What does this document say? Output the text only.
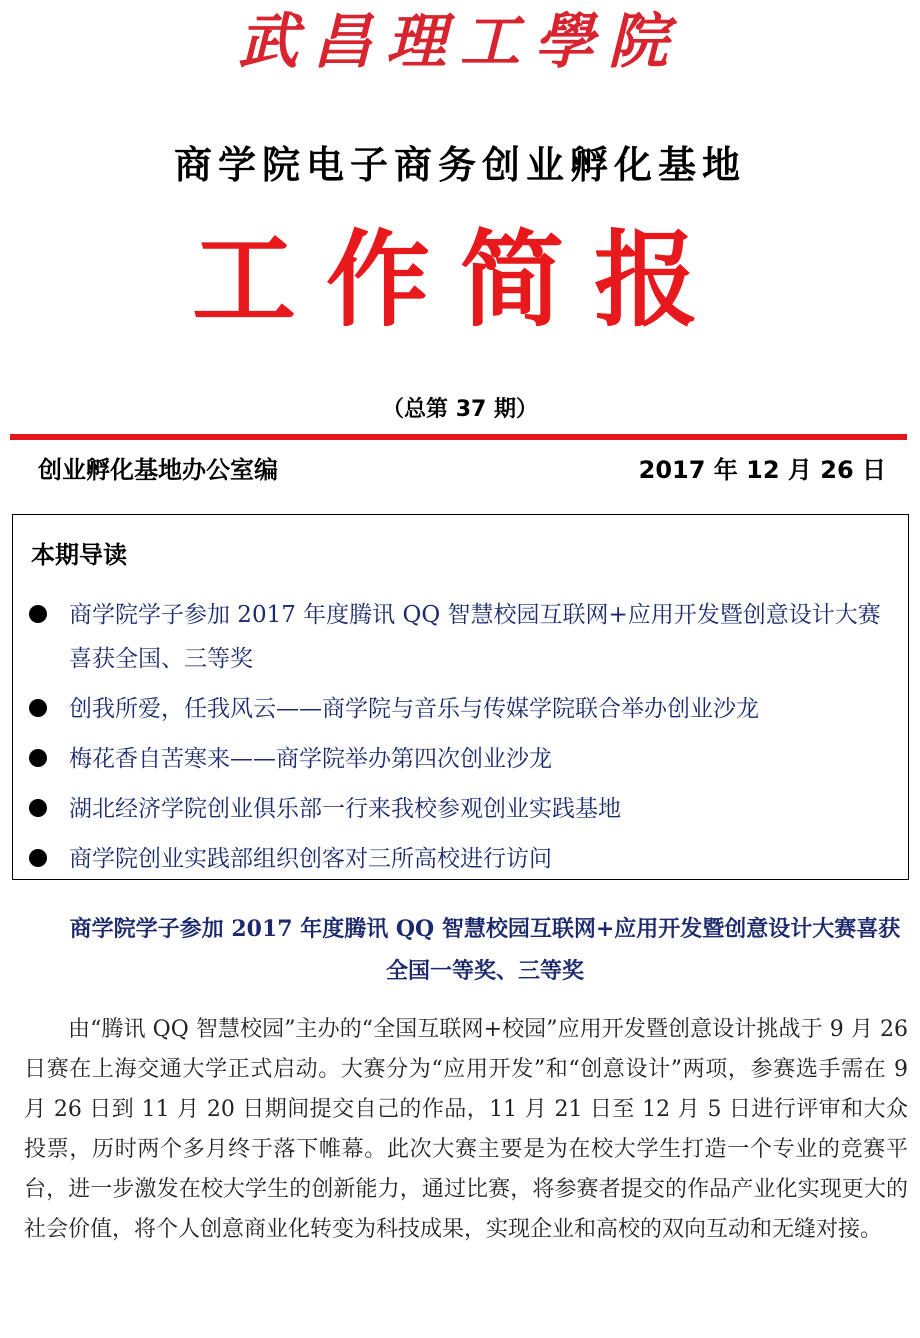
武昌理工學院
商学院电子商务创业孵化基地
工作简报
（总第 37 期）
创业孵化基地办公室编	2017 年 12 月 26 日
本期导读
商学院学子参加 2017 年度腾讯 QQ 智慧校园互联网+应用开发暨创意设计大赛喜获全国、三等奖
创我所爱，任我风云——商学院与音乐与传媒学院联合举办创业沙龙
梅花香自苦寒来——商学院举办第四次创业沙龙
湖北经济学院创业俱乐部一行来我校参观创业实践基地
商学院创业实践部组织创客对三所高校进行访问
商学院学子参加 2017 年度腾讯 QQ 智慧校园互联网+应用开发暨创意设计大赛喜获全国一等奖、三等奖

由“腾讯 QQ 智慧校园”主办的“全国互联网+校园”应用开发暨创意设计挑战于 9 月 26 日赛在上海交通大学正式启动。大赛分为“应用开发”和“创意设计”两项，参赛选手需在 9 月 26 日到 11 月 20 日期间提交自己的作品，11 月 21 日至 12 月 5 日进行评审和大众投票，历时两个多月终于落下帷幕。此次大赛主要是为在校大学生打造一个专业的竞赛平台，进一步激发在校大学生的创新能力，通过比赛，将参赛者提交的作品产业化实现更大的社会价值，将个人创意商业化转变为科技成果，实现企业和高校的双向互动和无缝对接。
